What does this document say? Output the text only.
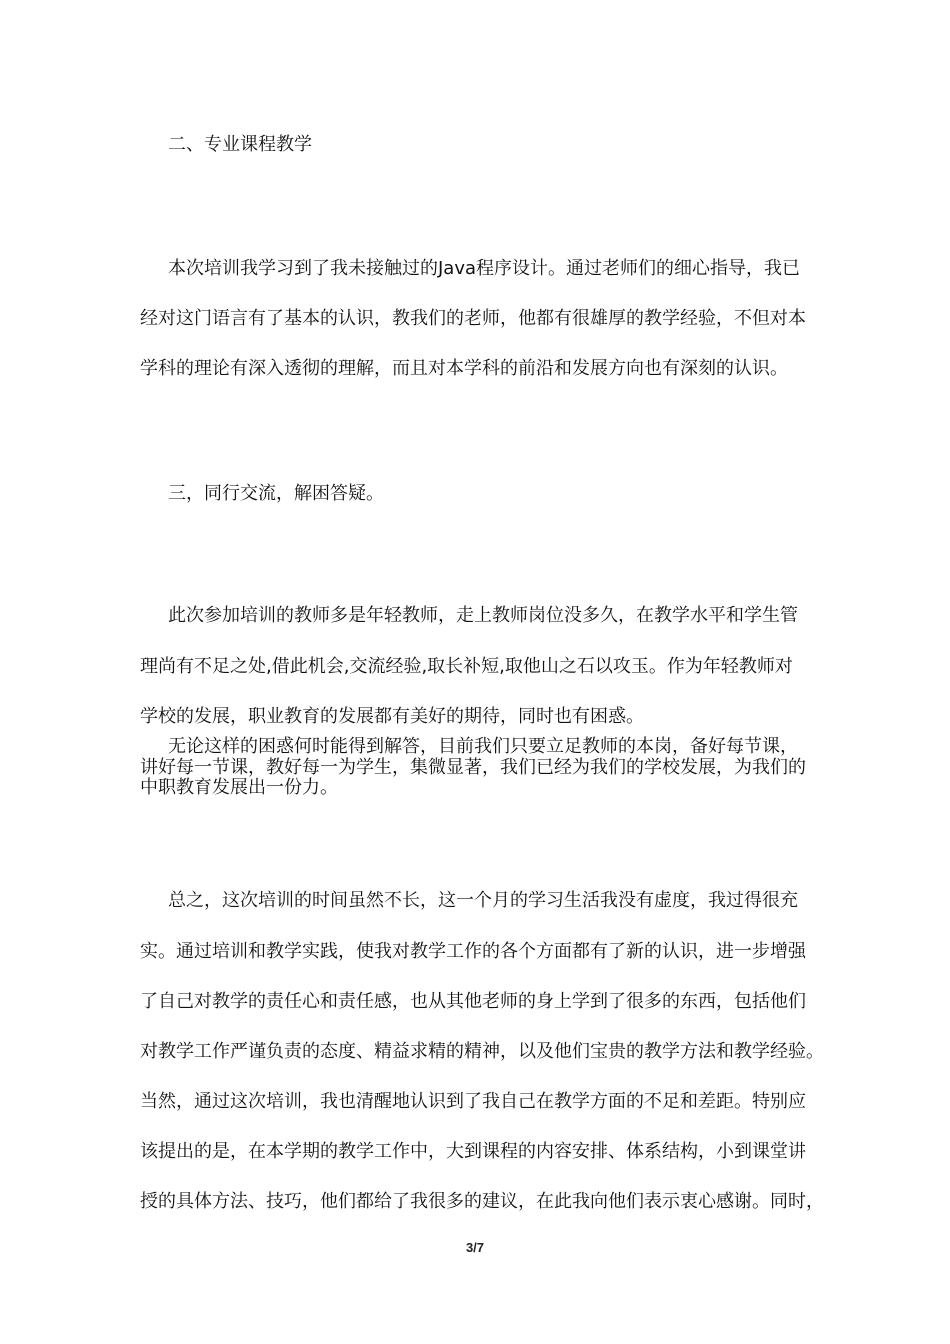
二、专业课程教学
本次培训我学习到了我未接触过的Java程序设计。通过老师们的细心指导，我已
经对这门语言有了基本的认识，教我们的老师，他都有很雄厚的教学经验，不但对本
学科的理论有深入透彻的理解，而且对本学科的前沿和发展方向也有深刻的认识。
三，同行交流，解困答疑。
此次参加培训的教师多是年轻教师，走上教师岗位没多久，在教学水平和学生管
理尚有不足之处,借此机会,交流经验,取长补短,取他山之石以攻玉。作为年轻教师对
学校的发展，职业教育的发展都有美好的期待，同时也有困惑。
无论这样的困惑何时能得到解答，目前我们只要立足教师的本岗，备好每节课，
讲好每一节课，教好每一为学生，集微显著，我们已经为我们的学校发展，为我们的
中职教育发展出一份力。
总之，这次培训的时间虽然不长，这一个月的学习生活我没有虚度，我过得很充
实。通过培训和教学实践，使我对教学工作的各个方面都有了新的认识，进一步增强
了自己对教学的责任心和责任感，也从其他老师的身上学到了很多的东西，包括他们
对教学工作严谨负责的态度、精益求精的精神，以及他们宝贵的教学方法和教学经验。
当然，通过这次培训，我也清醒地认识到了我自己在教学方面的不足和差距。特别应
该提出的是，在本学期的教学工作中，大到课程的内容安排、体系结构，小到课堂讲
授的具体方法、技巧，他们都给了我很多的建议，在此我向他们表示衷心感谢。同时，
3/7
